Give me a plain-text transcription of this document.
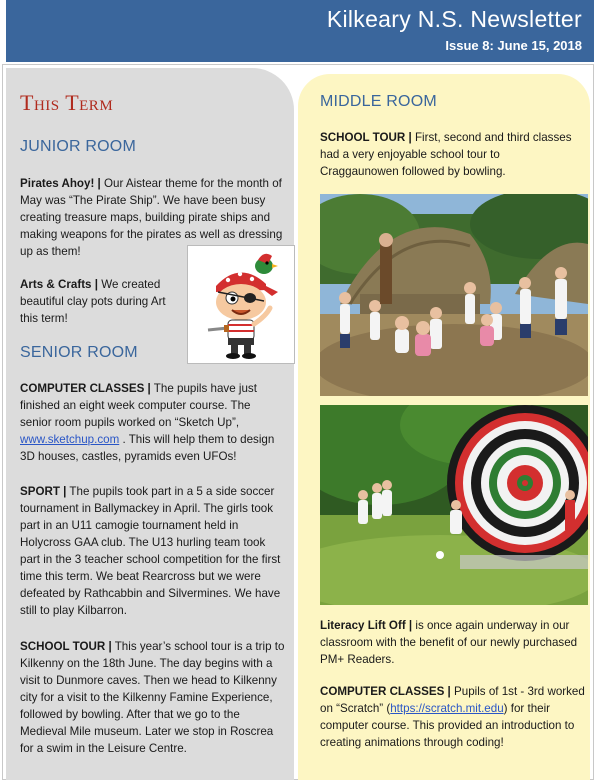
Kilkeary N.S. Newsletter
Issue 8: June 15, 2018
This Term
JUNIOR ROOM
Pirates Ahoy! | Our Aistear theme for the month of May was “The Pirate Ship”. We have been busy creating treasure maps, building pirate ships and making weapons for the pirates as well as dressing up as them!
Arts & Crafts | We created beautiful clay pots during Art this term!
SENIOR ROOM
COMPUTER CLASSES | The pupils have just finished an eight week computer course. The senior room pupils worked on “Sketch Up”, www.sketchup.com . This will help them to design 3D houses, castles, pyramids even UFOs!
SPORT | The pupils took part in a 5 a side soccer tournament in Ballymackey in April. The girls took part in an U11 camogie tournament held in Holycross GAA club. The U13 hurling team took part in the 3 teacher school competition for the first time this term. We beat Rearcross but we were defeated by Rathcabbin and Silvermines. We have still to play Kilbarron.
SCHOOL TOUR | This year’s school tour is a trip to Kilkenny on the 18th June. The day begins with a visit to Dunmore caves. Then we head to Kilkenny city for a visit to the Kilkenny Famine Experience, followed by bowling. After that we go to the Medieval Mile museum. Later we stop in Roscrea for a swim in the Leisure Centre.
MIDDLE ROOM
SCHOOL TOUR | First, second and third classes had a very enjoyable school tour to Craggaunowen followed by bowling.
Literacy Lift Off | is once again underway in our classroom with the benefit of our newly purchased PM+ Readers.
COMPUTER CLASSES | Pupils of 1st - 3rd worked on “Scratch” (https://scratch.mit.edu) for their computer course. This provided an introduction to creating animations through coding!
